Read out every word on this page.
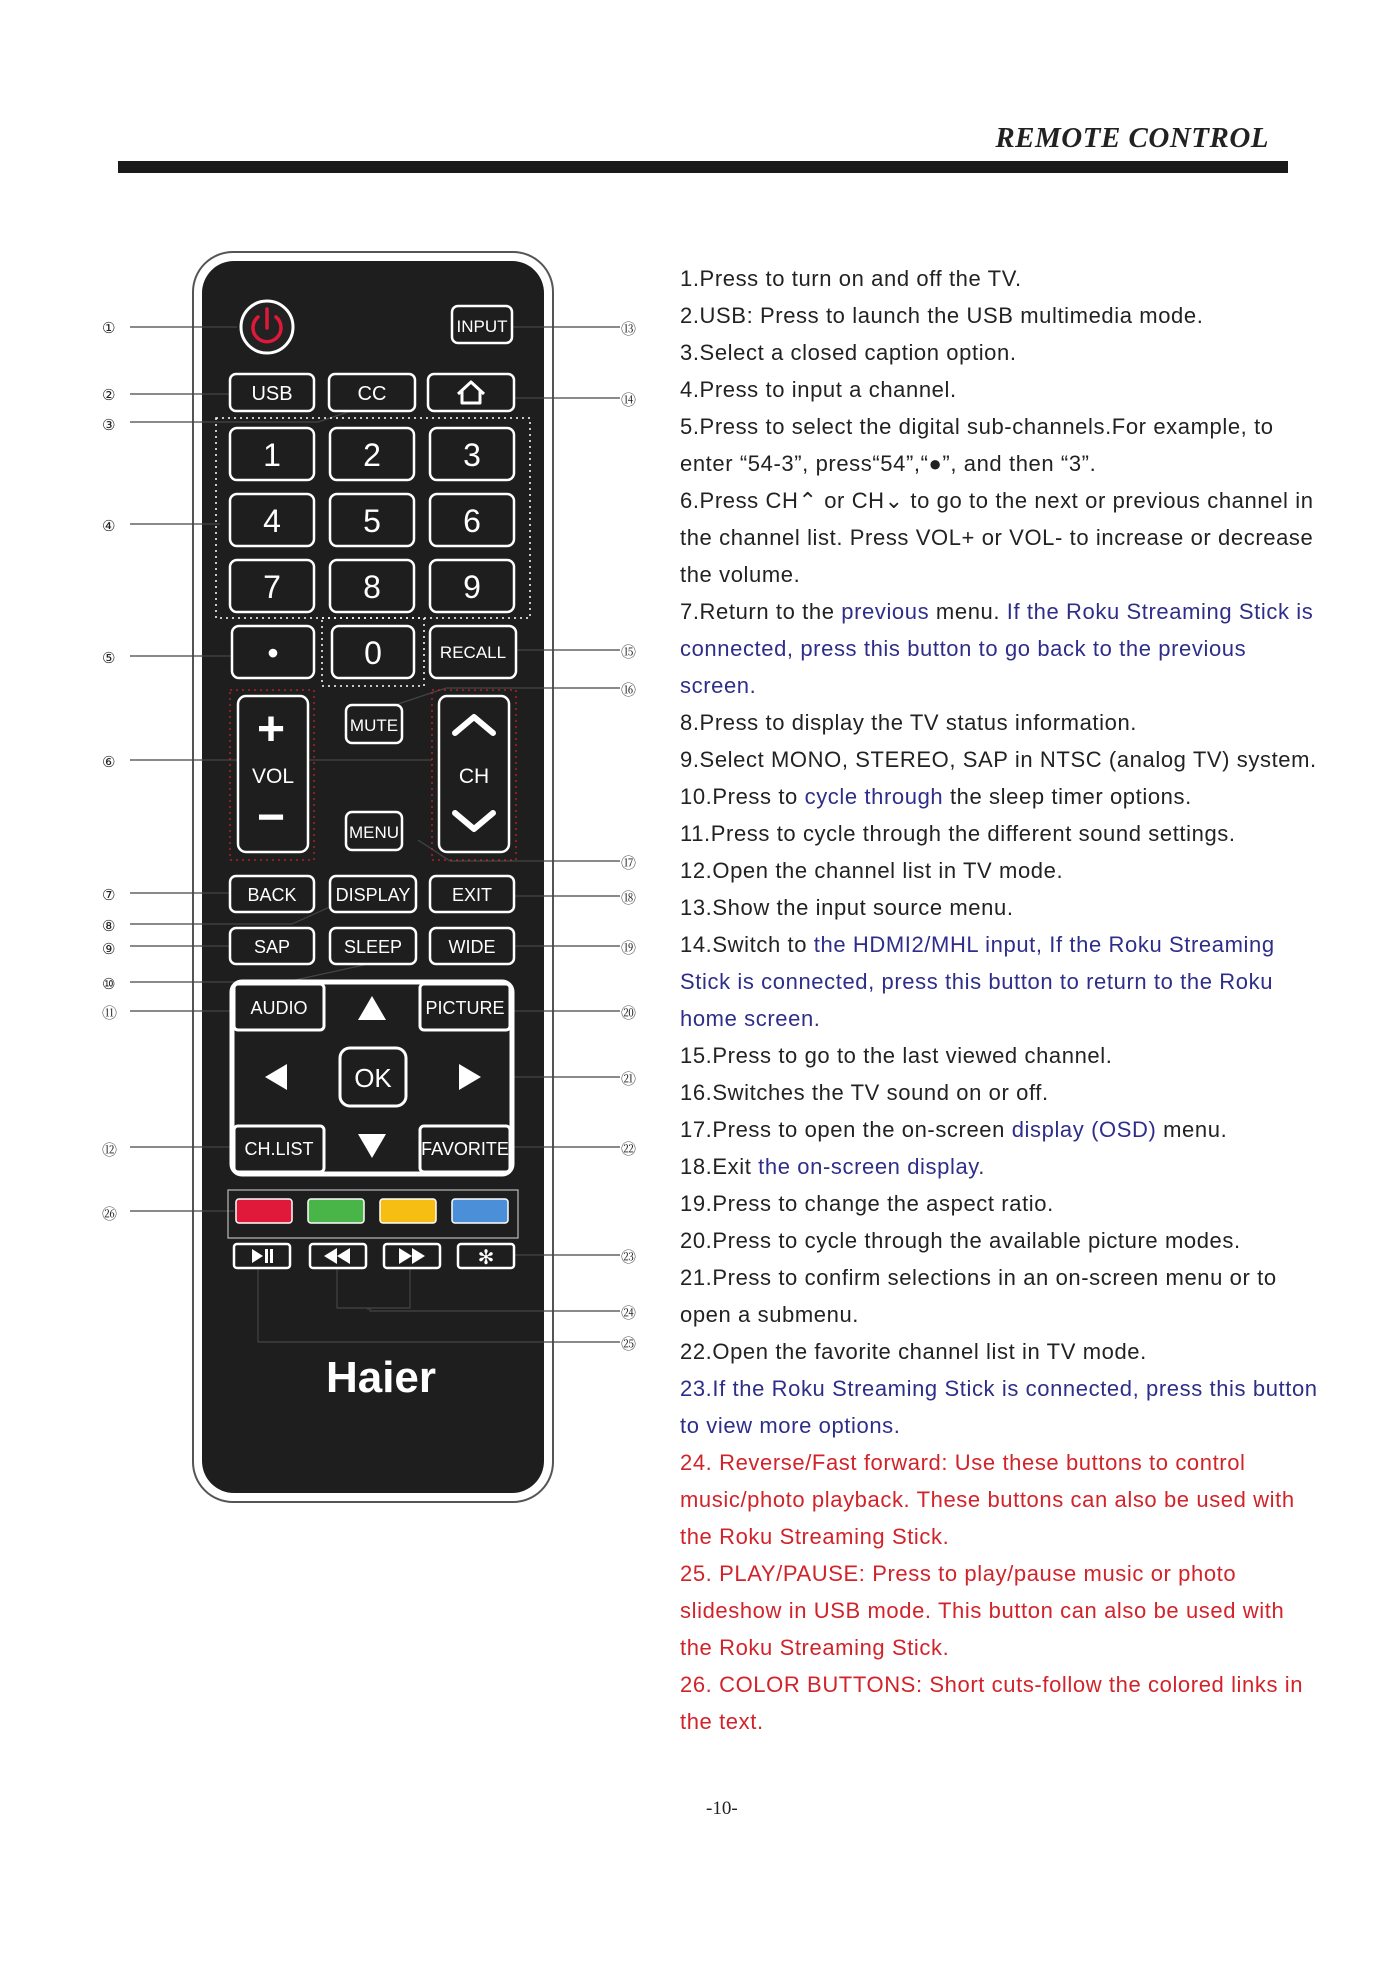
REMOTE CONTROL
①
②
③
④
⑤
⑥
⑦
⑧
⑨
⑩
⑪
⑫
㉖
⑬
⑭
⑮
⑯
⑰
⑱
⑲
⑳
㉑
㉒
㉓
㉔
㉕
INPUT
USB	CC
1	2	3
4	5	6
7	8	9
•	0	RECALL
+
VOL
−
MUTE
MENU
CH
BACK DISPLAY EXIT
SAP	SLEEP	WIDE
AUDIO	PICTURE
CH.LIST	FAVORITE
OK
✻
Haier
1.Press to turn on and off the TV.
2.USB: Press to launch the USB multimedia mode.
3.Select a closed caption option.
4.Press to input a channel.
5.Press to select the digital sub-channels.For example, to enter “54-3”, press“54”,“●”, and then “3”.
6.Press CH⌃ or CH⌄ to go to the next or previous channel in the channel list. Press VOL+ or VOL- to increase or decrease the volume.
7.Return to the previous menu. If the Roku Streaming Stick is connected, press this button to go back to the previous screen.
8.Press to display the TV status information.
9.Select MONO, STEREO, SAP in NTSC (analog TV) system.
10.Press to cycle through the sleep timer options.
11.Press to cycle through the different sound settings.
12.Open the channel list in TV mode.
13.Show the input source menu.
14.Switch to the HDMI2/MHL input, If the Roku Streaming Stick is connected, press this button to return to the Roku home screen.
15.Press to go to the last viewed channel.
16.Switches the TV sound on or off.
17.Press to open the on-screen display (OSD) menu.
18.Exit the on-screen display.
19.Press to change the aspect ratio.
20.Press to cycle through the available picture modes.
21.Press to confirm selections in an on-screen menu or to open a submenu.
22.Open the favorite channel list in TV mode.
23.If the Roku Streaming Stick is connected, press this button to view more options.
24. Reverse/Fast forward: Use these buttons to control music/photo playback. These buttons can also be used with the Roku Streaming Stick.
25. PLAY/PAUSE: Press to play/pause music or photo slideshow in USB mode. This button can also be used with the Roku Streaming Stick.
26. COLOR BUTTONS: Short cuts-follow the colored links in the text.
-10-
